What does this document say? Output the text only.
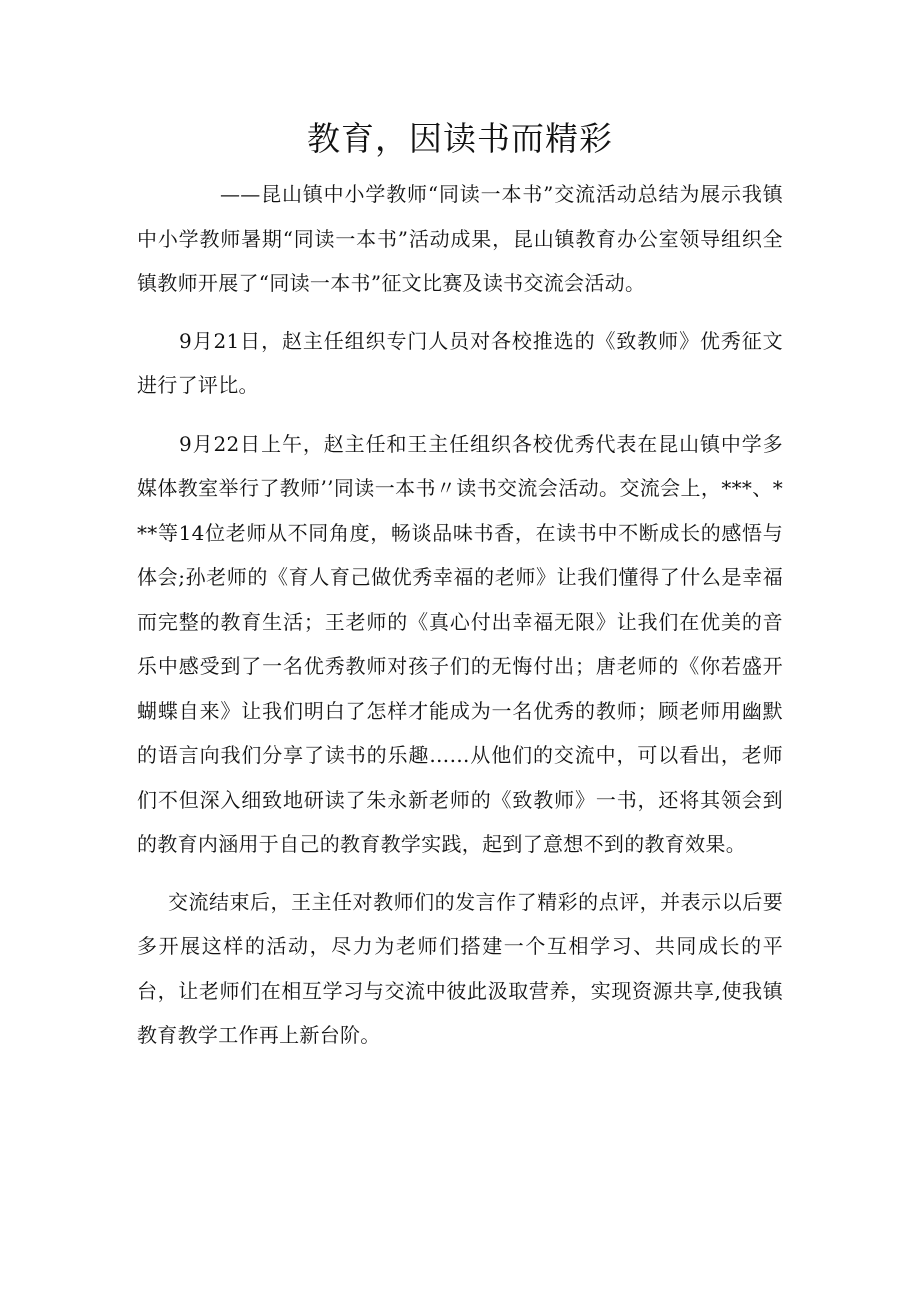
教育，因读书而精彩

——昆山镇中小学教师“同读一本书”交流活动总结为展示我镇中小学教师暑期“同读一本书”活动成果，昆山镇教育办公室领导组织全镇教师开展了“同读一本书”征文比赛及读书交流会活动。

9月21日，赵主任组织专门人员对各校推选的《致教师》优秀征文进行了评比。

9月22日上午，赵主任和王主任组织各校优秀代表在昆山镇中学多媒体教室举行了教师’’同读一本书〃读书交流会活动。交流会上，***、***等14位老师从不同角度，畅谈品味书香，在读书中不断成长的感悟与体会;孙老师的《育人育己做优秀幸福的老师》让我们懂得了什么是幸福而完整的教育生活；王老师的《真心付出幸福无限》让我们在优美的音乐中感受到了一名优秀教师对孩子们的无悔付出；唐老师的《你若盛开蝴蝶自来》让我们明白了怎样才能成为一名优秀的教师；顾老师用幽默的语言向我们分享了读书的乐趣……从他们的交流中，可以看出，老师们不但深入细致地研读了朱永新老师的《致教师》一书，还将其领会到的教育内涵用于自己的教育教学实践，起到了意想不到的教育效果。

交流结束后，王主任对教师们的发言作了精彩的点评，并表示以后要多开展这样的活动，尽力为老师们搭建一个互相学习、共同成长的平台，让老师们在相互学习与交流中彼此汲取营养，实现资源共享,使我镇教育教学工作再上新台阶。
